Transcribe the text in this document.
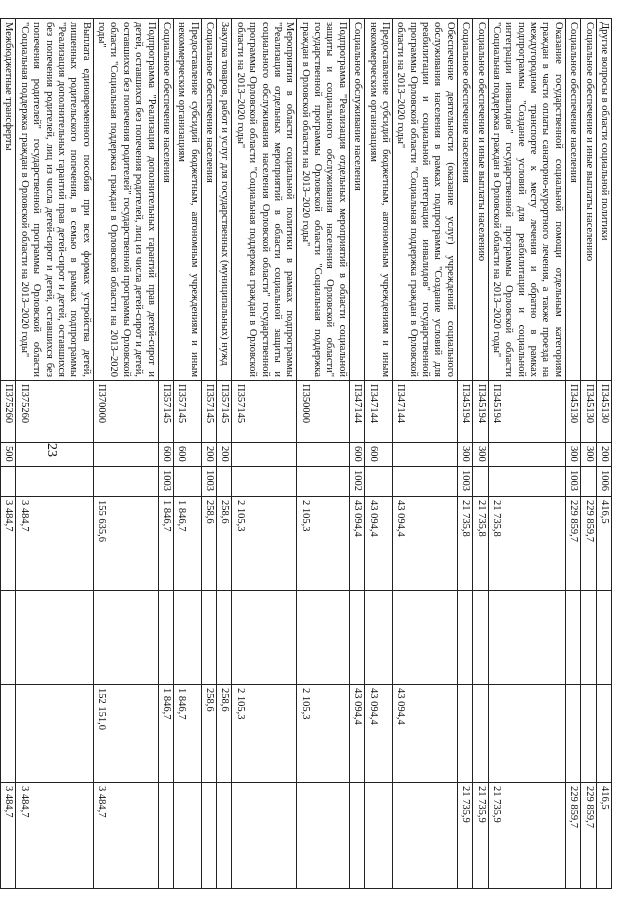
23
Другие вопросы в области социальной политики	П345130	200	1006	416,5			416,5
Социальное обеспечение и иные выплаты населению	П345130	300		229 859,7			229 859,7
Социальное обеспечение населения	П345130	300	1003	229 859,7			229 859,7
Оказание государственной социальной помощи отдельным категориям граждан в части оплаты санаторно-курортного лечения, а также проезда на междугородном транспорте к месту лечения и обратно в рамках подпрограммы "Создание условий для реабилитации и социальной интеграции инвалидов" государственной программы Орловской области "Социальная поддержка граждан в Орловской области на 2013–2020 годы"	П345194			21 735,8			21 735,9
Социальное обеспечение и иные выплаты населению	П345194	300		21 735,8			21 735,9
Социальное обеспечение населения	П345194	300	1003	21 735,8			21 735,9
Обеспечение деятельности (оказание услуг) учреждений социального обслуживания населения в рамках подпрограммы "Создание условий для реабилитации и социальной интеграции инвалидов" государственной программы Орловской области "Социальная поддержка граждан в Орловской области на 2013–2020 годы"	П347144			43 094,4		43 094,4	
Предоставление субсидий бюджетным, автономным учреждениям и иным некоммерческим организациям	П347144	600		43 094,4		43 094,4	
Социальное обслуживание населения	П347144	600	1002	43 094,4		43 094,4	
Подпрограмма "Реализация отдельных мероприятий в области социальной защиты и социального обслуживания населения Орловской области" государственной программы Орловской области "Социальная поддержка граждан в Орловской области на 2013–2020 годы"	П350000			2 105,3		2 105,3	
Мероприятия в области социальной политики в рамках подпрограммы "Реализация отдельных мероприятий в области социальной защиты и социального обслуживания населения Орловской области" государственной программы Орловской области "Социальная поддержка граждан в Орловской области на 2013–2020 годы"	П357145			2 105,3		2 105,3	
Закупка товаров, работ и услуг для государственных (муниципальных) нужд	П357145	200		258,6		258,6	
Социальное обеспечение населения	П357145	200	1003	258,6		258,6	
Предоставление субсидий бюджетным, автономным учреждениям и иным некоммерческим организациям	П357145	600		1 846,7		1 846,7	
Социальное обеспечение населения	П357145	600	1003	1 846,7		1 846,7	
Подпрограмма "Реализация дополнительных гарантий прав детей-сирот и детей, оставшихся без попечения родителей, лиц из числа детей-сирот и детей, оставшихся без попечения родителей" государственной программы Орловской области "Социальная поддержка граждан в Орловской области на 2013–2020 годы"	П370000			155 635,6		152 151,0	3 484,7
Выплата единовременного пособия при всех формах устройства детей, лишенных родительского попечения, в семью в рамках подпрограммы "Реализация дополнительных гарантий прав детей-сирот и детей, оставшихся без попечения родителей, лиц из числа детей-сирот и детей, оставшихся без попечения родителей" государственной программы Орловской области "Социальная поддержка граждан в Орловской области на 2013–2020 годы"	П375260			3 484,7			3 484,7
Межбюджетные трансферты	П375260	500		3 484,7			3 484,7
